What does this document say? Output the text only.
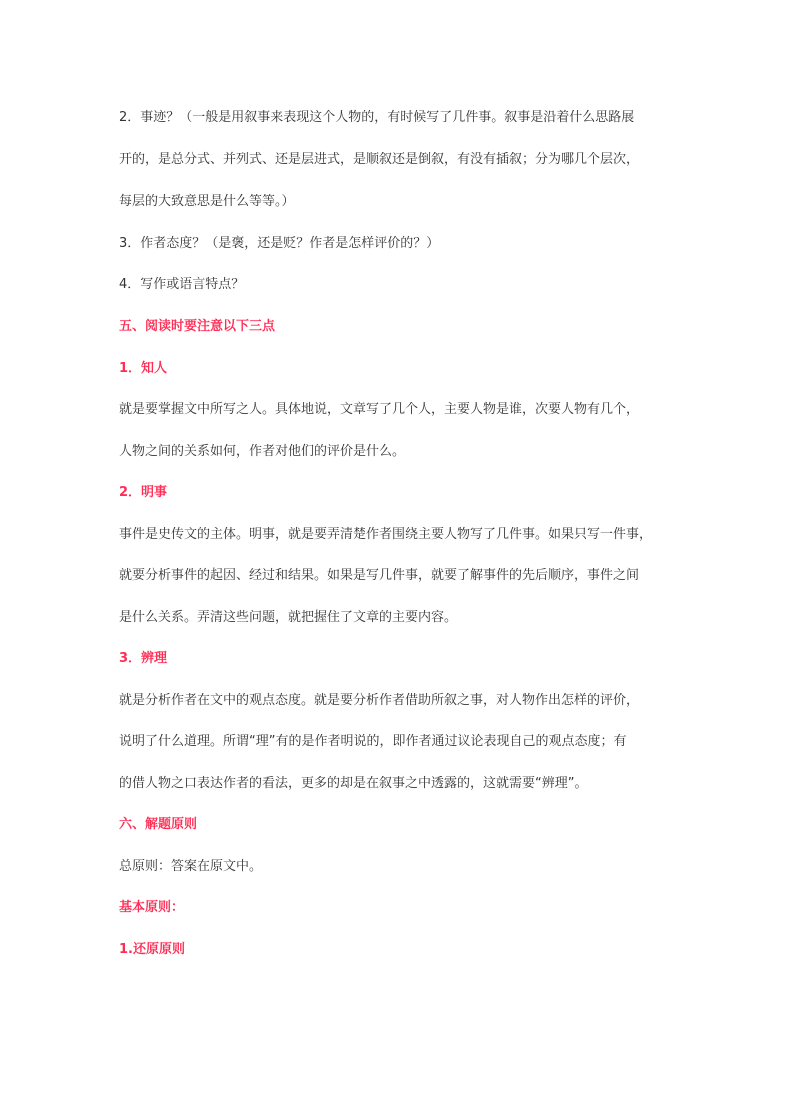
2．事迹？（一般是用叙事来表现这个人物的，有时候写了几件事。叙事是沿着什么思路展
开的，是总分式、并列式、还是层进式，是顺叙还是倒叙，有没有插叙；分为哪几个层次，
每层的大致意思是什么等等。）
3．作者态度？（是褒，还是贬？作者是怎样评价的？）
4．写作或语言特点？
五、阅读时要注意以下三点
1．知人
就是要掌握文中所写之人。具体地说，文章写了几个人，主要人物是谁，次要人物有几个，
人物之间的关系如何，作者对他们的评价是什么。
2．明事
事件是史传文的主体。明事，就是要弄清楚作者围绕主要人物写了几件事。如果只写一件事，
就要分析事件的起因、经过和结果。如果是写几件事，就要了解事件的先后顺序，事件之间
是什么关系。弄清这些问题，就把握住了文章的主要内容。
3．辨理
就是分析作者在文中的观点态度。就是要分析作者借助所叙之事，对人物作出怎样的评价，
说明了什么道理。所谓“理”有的是作者明说的，即作者通过议论表现自己的观点态度；有
的借人物之口表达作者的看法，更多的却是在叙事之中透露的，这就需要“辨理”。
六、解题原则
总原则：答案在原文中。
基本原则：
1.还原原则
